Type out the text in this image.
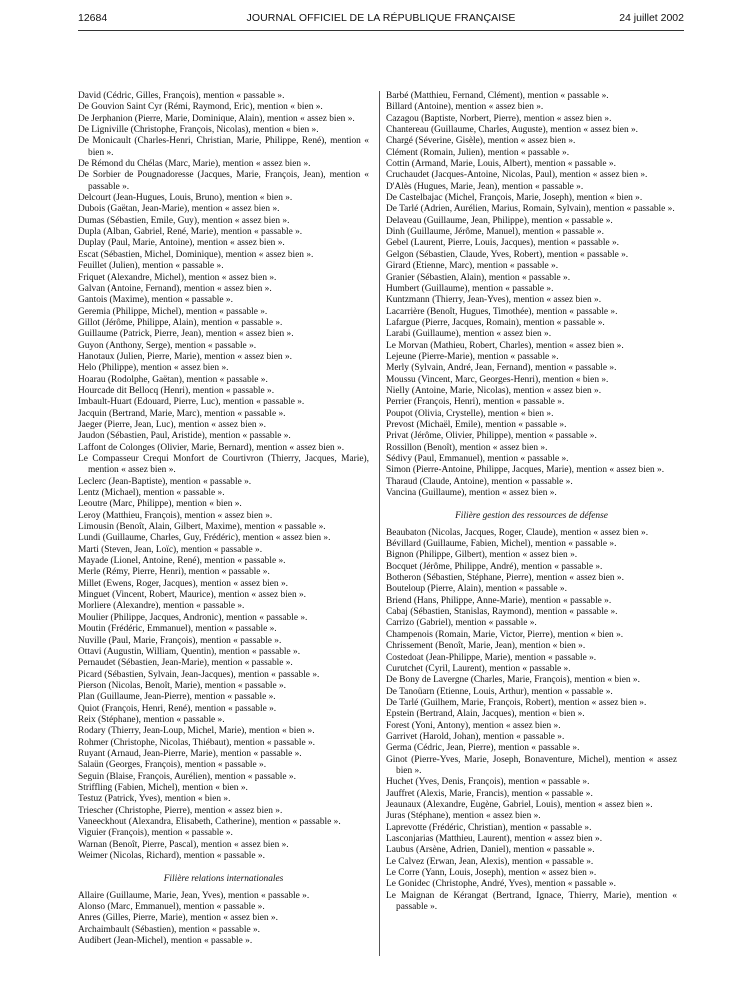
12684	JOURNAL OFFICIEL DE LA RÉPUBLIQUE FRANÇAISE	24 juillet 2002

David (Cédric, Gilles, François), mention « passable ».

De Gouvion Saint Cyr (Rémi, Raymond, Eric), mention « bien ».

De Jerphanion (Pierre, Marie, Dominique, Alain), mention « assez bien ».

De Ligniville (Christophe, François, Nicolas), mention « bien ».

De Monicault (Charles-Henri, Christian, Marie, Philippe, René), mention « bien ».

De Rémond du Chélas (Marc, Marie), mention « assez bien ».

De Sorbier de Pougnadoresse (Jacques, Marie, François, Jean), mention « passable ».

Delcourt (Jean-Hugues, Louis, Bruno), mention « bien ».

Dubois (Gaëtan, Jean-Marie), mention « assez bien ».

Dumas (Sébastien, Emile, Guy), mention « assez bien ».

Dupla (Alban, Gabriel, René, Marie), mention « passable ».

Duplay (Paul, Marie, Antoine), mention « assez bien ».

Escat (Sébastien, Michel, Dominique), mention « assez bien ».

Feuillet (Julien), mention « passable ».

Friquet (Alexandre, Michel), mention « assez bien ».

Galvan (Antoine, Fernand), mention « assez bien ».

Gantois (Maxime), mention « passable ».

Geremia (Philippe, Michel), mention « passable ».

Gillot (Jérôme, Philippe, Alain), mention « passable ».

Guillaume (Patrick, Pierre, Jean), mention « assez bien ».

Guyon (Anthony, Serge), mention « passable ».

Hanotaux (Julien, Pierre, Marie), mention « assez bien ».

Helo (Philippe), mention « assez bien ».

Hoarau (Rodolphe, Gaëtan), mention « passable ».

Hourcade dit Bellocq (Henri), mention « passable ».

Imbault-Huart (Edouard, Pierre, Luc), mention « passable ».

Jacquin (Bertrand, Marie, Marc), mention « passable ».

Jaeger (Pierre, Jean, Luc), mention « assez bien ».

Jaudon (Sébastien, Paul, Aristide), mention « passable ».

Laffont de Colonges (Olivier, Marie, Bernard), mention « assez bien ».

Le Compasseur Crequi Monfort de Courtivron (Thierry, Jacques, Marie), mention « assez bien ».

Leclerc (Jean-Baptiste), mention « passable ».

Lentz (Michael), mention « passable ».

Leoutre (Marc, Philippe), mention « bien ».

Leroy (Matthieu, François), mention « assez bien ».

Limousin (Benoît, Alain, Gilbert, Maxime), mention « passable ».

Lundi (Guillaume, Charles, Guy, Frédéric), mention « assez bien ».

Marti (Steven, Jean, Loïc), mention « passable ».

Mayade (Lionel, Antoine, René), mention « passable ».

Merle (Rémy, Pierre, Henri), mention « passable ».

Millet (Ewens, Roger, Jacques), mention « assez bien ».

Minguet (Vincent, Robert, Maurice), mention « assez bien ».

Morliere (Alexandre), mention « passable ».

Moulier (Philippe, Jacques, Andronic), mention « passable ».

Moutin (Frédéric, Emmanuel), mention « passable ».

Nuville (Paul, Marie, François), mention « passable ».

Ottavi (Augustin, William, Quentin), mention « passable ».

Pernaudet (Sébastien, Jean-Marie), mention « passable ».

Picard (Sébastien, Sylvain, Jean-Jacques), mention « passable ».

Pierson (Nicolas, Benoît, Marie), mention « passable ».

Plan (Guillaume, Jean-Pierre), mention « passable ».

Quiot (François, Henri, René), mention « passable ».

Reix (Stéphane), mention « passable ».

Rodary (Thierry, Jean-Loup, Michel, Marie), mention « bien ».

Rohmer (Christophe, Nicolas, Thiébaut), mention « passable ».

Ruyant (Arnaud, Jean-Pierre, Marie), mention « passable ».

Salaün (Georges, François), mention « passable ».

Seguin (Blaise, François, Aurélien), mention « passable ».

Striffling (Fabien, Michel), mention « bien ».

Testuz (Patrick, Yves), mention « bien ».

Triescher (Christophe, Pierre), mention « assez bien ».

Vaneeckhout (Alexandra, Elisabeth, Catherine), mention « passable ».

Viguier (François), mention « passable ».

Warnan (Benoît, Pierre, Pascal), mention « assez bien ».

Weimer (Nicolas, Richard), mention « passable ».

Filière relations internationales

Allaire (Guillaume, Marie, Jean, Yves), mention « passable ».

Alonso (Marc, Emmanuel), mention « passable ».

Anres (Gilles, Pierre, Marie), mention « assez bien ».

Archaimbault (Sébastien), mention « passable ».

Audibert (Jean-Michel), mention « passable ».

Barbé (Matthieu, Fernand, Clément), mention « passable ».

Billard (Antoine), mention « assez bien ».

Cazagou (Baptiste, Norbert, Pierre), mention « assez bien ».

Chantereau (Guillaume, Charles, Auguste), mention « assez bien ».

Chargé (Séverine, Gisèle), mention « assez bien ».

Clément (Romain, Julien), mention « passable ».

Cottin (Armand, Marie, Louis, Albert), mention « passable ».

Cruchaudet (Jacques-Antoine, Nicolas, Paul), mention « assez bien ».

D'Alès (Hugues, Marie, Jean), mention « passable ».

De Castelbajac (Michel, François, Marie, Joseph), mention « bien ».

De Tarlé (Adrien, Aurélien, Marius, Romain, Sylvain), mention « passable ».

Delaveau (Guillaume, Jean, Philippe), mention « passable ».

Dinh (Guillaume, Jérôme, Manuel), mention « passable ».

Gebel (Laurent, Pierre, Louis, Jacques), mention « passable ».

Gelgon (Sébastien, Claude, Yves, Robert), mention « passable ».

Girard (Etienne, Marc), mention « passable ».

Granier (Sébastien, Alain), mention « passable ».

Humbert (Guillaume), mention « passable ».

Kuntzmann (Thierry, Jean-Yves), mention « assez bien ».

Lacarrière (Benoît, Hugues, Timothée), mention « passable ».

Lafargue (Pierre, Jacques, Romain), mention « passable ».

Larabi (Guillaume), mention « assez bien ».

Le Morvan (Mathieu, Robert, Charles), mention « assez bien ».

Lejeune (Pierre-Marie), mention « passable ».

Merly (Sylvain, André, Jean, Fernand), mention « passable ».

Moussu (Vincent, Marc, Georges-Henri), mention « bien ».

Nielly (Antoine, Marie, Nicolas), mention « assez bien ».

Perrier (François, Henri), mention « passable ».

Poupot (Olivia, Crystelle), mention « bien ».

Prevost (Michaël, Emile), mention « passable ».

Privat (Jérôme, Olivier, Philippe), mention « passable ».

Rossillon (Benoît), mention « assez bien ».

Sédivy (Paul, Emmanuel), mention « passable ».

Simon (Pierre-Antoine, Philippe, Jacques, Marie), mention « assez bien ».

Tharaud (Claude, Antoine), mention « passable ».

Vancina (Guillaume), mention « assez bien ».

Filière gestion des ressources de défense

Beaubaton (Nicolas, Jacques, Roger, Claude), mention « assez bien ».

Bévillard (Guillaume, Fabien, Michel), mention « passable ».

Bignon (Philippe, Gilbert), mention « assez bien ».

Bocquet (Jérôme, Philippe, André), mention « passable ».

Botheron (Sébastien, Stéphane, Pierre), mention « assez bien ».

Bouteloup (Pierre, Alain), mention « passable ».

Briend (Hans, Philippe, Anne-Marie), mention « passable ».

Cabaj (Sébastien, Stanislas, Raymond), mention « passable ».

Carrizo (Gabriel), mention « passable ».

Champenois (Romain, Marie, Victor, Pierre), mention « bien ».

Chrissement (Benoît, Marie, Jean), mention « bien ».

Costedoat (Jean-Philippe, Marie), mention « passable ».

Curutchet (Cyril, Laurent), mention « passable ».

De Bony de Lavergne (Charles, Marie, François), mention « bien ».

De Tanoüarn (Etienne, Louis, Arthur), mention « passable ».

De Tarlé (Guilhem, Marie, François, Robert), mention « assez bien ».

Epstein (Bertrand, Alain, Jacques), mention « bien ».

Forest (Yoni, Antony), mention « assez bien ».

Garrivet (Harold, Johan), mention « passable ».

Germa (Cédric, Jean, Pierre), mention « passable ».

Ginot (Pierre-Yves, Marie, Joseph, Bonaventure, Michel), mention « assez bien ».

Huchet (Yves, Denis, François), mention « passable ».

Jauffret (Alexis, Marie, Francis), mention « passable ».

Jeaunaux (Alexandre, Eugène, Gabriel, Louis), mention « assez bien ».

Juras (Stéphane), mention « assez bien ».

Laprevotte (Frédéric, Christian), mention « passable ».

Lasconjarias (Matthieu, Laurent), mention « assez bien ».

Laubus (Arsène, Adrien, Daniel), mention « passable ».

Le Calvez (Erwan, Jean, Alexis), mention « passable ».

Le Corre (Yann, Louis, Joseph), mention « assez bien ».

Le Gonidec (Christophe, André, Yves), mention « passable ».

Le Maignan de Kérangat (Bertrand, Ignace, Thierry, Marie), mention « passable ».
